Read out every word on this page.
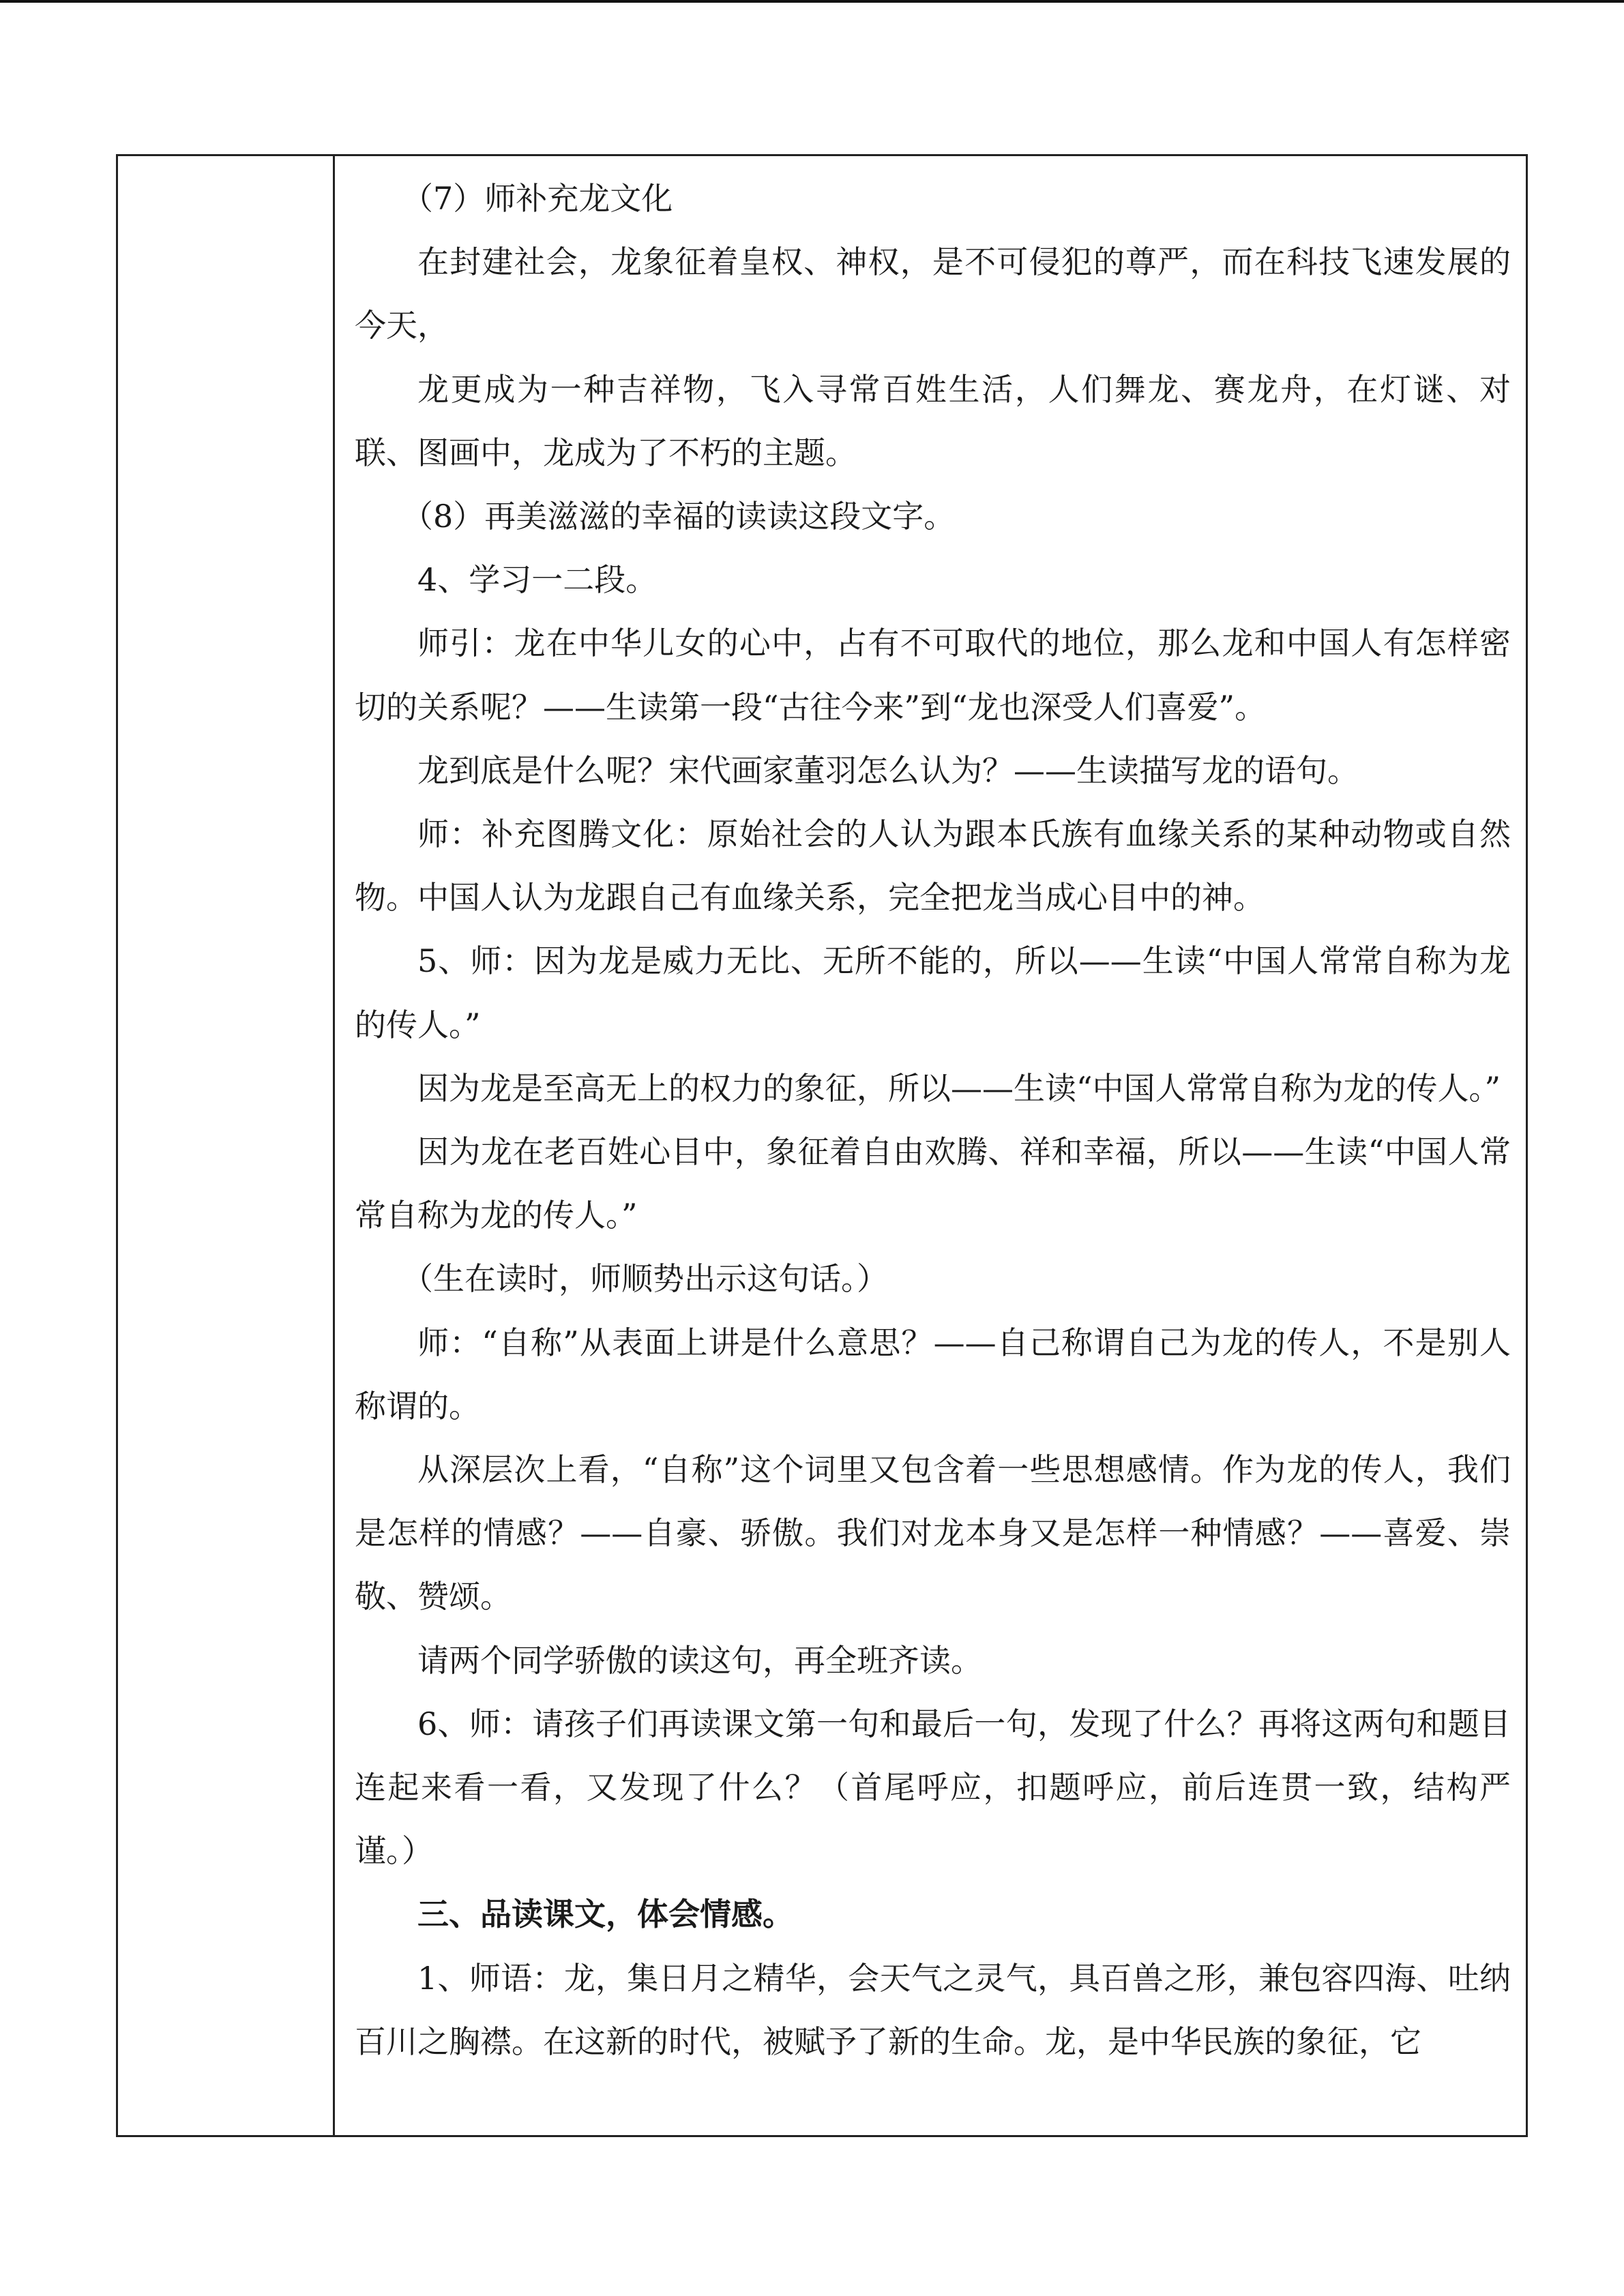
（7）师补充龙文化

在封建社会，龙象征着皇权、神权，是不可侵犯的尊严，而在科技飞速发展的今天，

龙更成为一种吉祥物，飞入寻常百姓生活，人们舞龙、赛龙舟，在灯谜、对联、图画中，龙成为了不朽的主题。

（8）再美滋滋的幸福的读读这段文字。

4、学习一二段。

师引：龙在中华儿女的心中，占有不可取代的地位，那么龙和中国人有怎样密切的关系呢？——生读第一段“古往今来”到“龙也深受人们喜爱”。

龙到底是什么呢？宋代画家董羽怎么认为？——生读描写龙的语句。

师：补充图腾文化：原始社会的人认为跟本氏族有血缘关系的某种动物或自然物。中国人认为龙跟自己有血缘关系，完全把龙当成心目中的神。

5、师：因为龙是威力无比、无所不能的，所以——生读“中国人常常自称为龙的传人。”

因为龙是至高无上的权力的象征，所以——生读“中国人常常自称为龙的传人。”

因为龙在老百姓心目中，象征着自由欢腾、祥和幸福，所以——生读“中国人常常自称为龙的传人。”

（生在读时，师顺势出示这句话。）

师：“自称”从表面上讲是什么意思？——自己称谓自己为龙的传人，不是别人称谓的。

从深层次上看，“自称”这个词里又包含着一些思想感情。作为龙的传人，我们是怎样的情感？——自豪、骄傲。我们对龙本身又是怎样一种情感？——喜爱、崇敬、赞颂。

请两个同学骄傲的读这句，再全班齐读。

6、师：请孩子们再读课文第一句和最后一句，发现了什么？再将这两句和题目连起来看一看，又发现了什么？（首尾呼应，扣题呼应，前后连贯一致，结构严谨。）

三、品读课文，体会情感。

1、师语：龙，集日月之精华，会天气之灵气，具百兽之形，兼包容四海、吐纳百川之胸襟。在这新的时代，被赋予了新的生命。龙，是中华民族的象征，它
